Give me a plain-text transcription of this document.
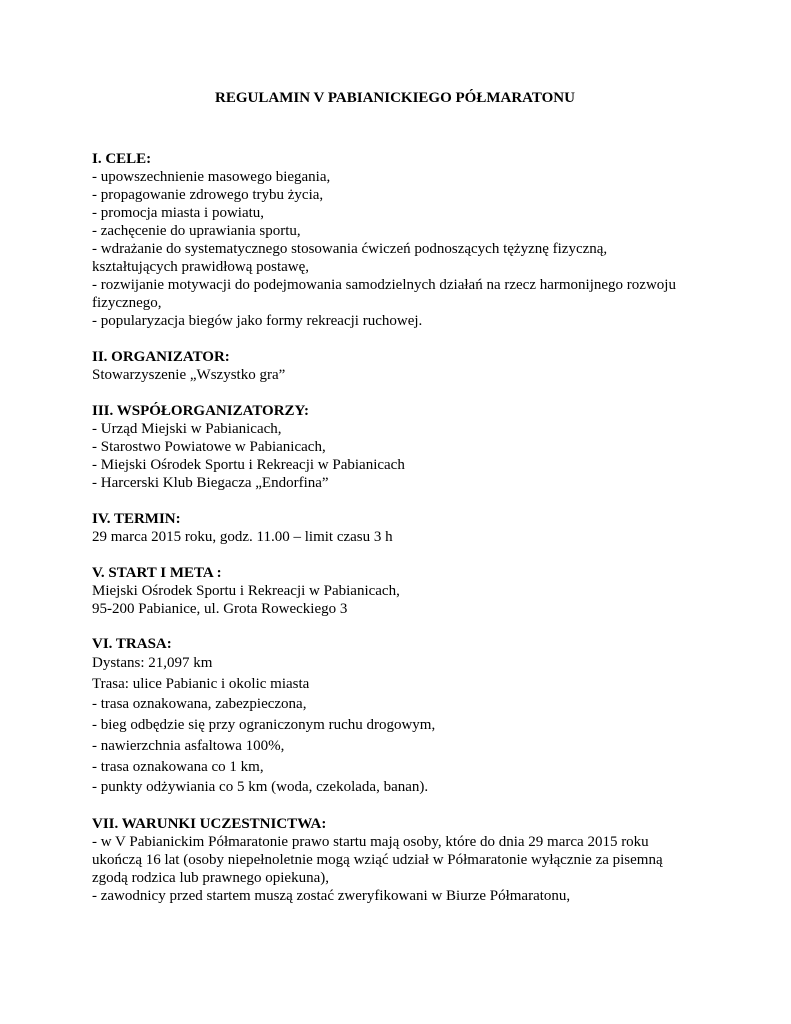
REGULAMIN V PABIANICKIEGO PÓŁMARATONU
I. CELE:
- upowszechnienie masowego biegania,
- propagowanie zdrowego trybu życia,
- promocja miasta i powiatu,
- zachęcenie do uprawiania sportu,
- wdrażanie do systematycznego stosowania ćwiczeń podnoszących tężyznę fizyczną,
kształtujących prawidłową postawę,
- rozwijanie motywacji do podejmowania samodzielnych działań na rzecz harmonijnego rozwoju
fizycznego,
- popularyzacja biegów jako formy rekreacji ruchowej.
II. ORGANIZATOR:
Stowarzyszenie „Wszystko gra”
III. WSPÓŁORGANIZATORZY:
- Urząd Miejski w Pabianicach,
- Starostwo Powiatowe w Pabianicach,
- Miejski Ośrodek Sportu i Rekreacji w Pabianicach
- Harcerski Klub Biegacza „Endorfina”
IV. TERMIN:
29 marca 2015 roku, godz. 11.00 – limit czasu 3 h
V. START I META :
Miejski Ośrodek Sportu i Rekreacji w Pabianicach,
95-200 Pabianice, ul. Grota Roweckiego 3
VI. TRASA:
Dystans: 21,097 km
Trasa: ulice Pabianic i okolic miasta
- trasa oznakowana, zabezpieczona,
- bieg odbędzie się przy ograniczonym ruchu drogowym,
- nawierzchnia asfaltowa 100%,
- trasa oznakowana co 1 km,
- punkty odżywiania co 5 km (woda, czekolada, banan).
VII. WARUNKI UCZESTNICTWA:
- w V Pabianickim Półmaratonie prawo startu mają osoby, które do dnia 29 marca 2015 roku
ukończą 16 lat (osoby niepełnoletnie mogą wziąć udział w Półmaratonie wyłącznie za pisemną
zgodą rodzica lub prawnego opiekuna),
- zawodnicy przed startem muszą zostać zweryfikowani w Biurze Półmaratonu,
